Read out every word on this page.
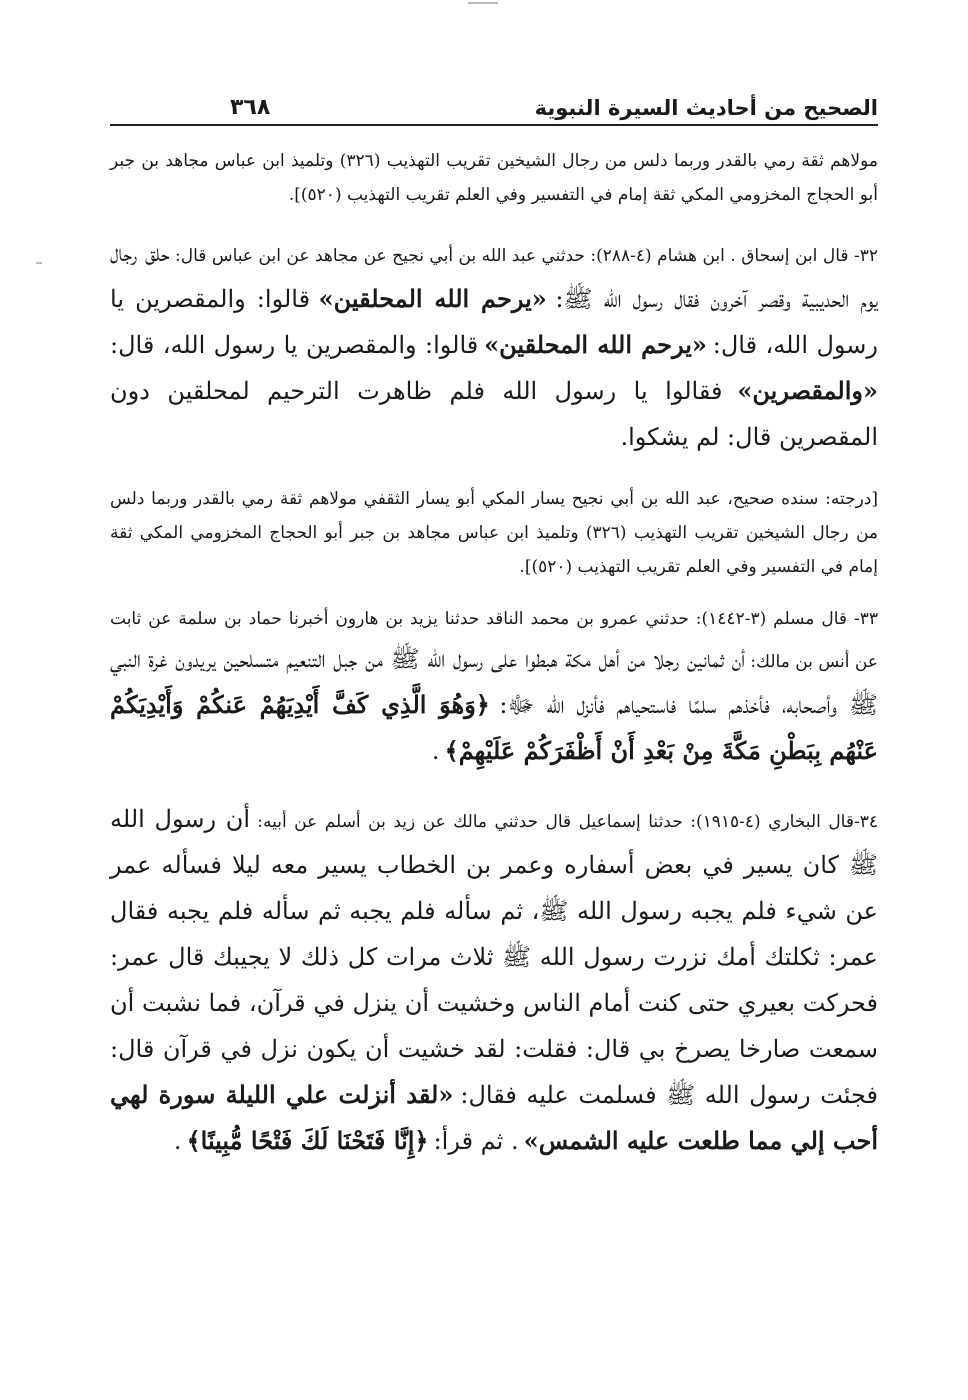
الصحيح من أحاديث السيرة النبوية
٣٦٨

مولاهم ثقة رمي بالقدر وربما دلس من رجال الشيخين تقريب التهذيب (٣٢٦) وتلميذ ابن عباس مجاهد بن جبر أبو الحجاج المخزومي المكي ثقة إمام في التفسير وفي العلم تقريب التهذيب (٥٢٠)].

٣٢- قال ابن إسحاق . ابن هشام (٤-٢٨٨): حدثني عبد الله بن أبي نجيح عن مجاهد عن ابن عباس قال: حلق رجال يوم الحديبية وقصر آخرون فقال رسول الله ﷺ: «يرحم الله المحلقين» قالوا: والمقصرين يا رسول الله، قال: «يرحم الله المحلقين» قالوا: والمقصرين يا رسول الله، قال: «والمقصرين» فقالوا يا رسول الله فلم ظاهرت الترحيم لمحلقين دون المقصرين قال: لم يشكوا.

[درجته: سنده صحيح، عبد الله بن أبي نجيح يسار المكي أبو يسار الثقفي مولاهم ثقة رمي بالقدر وربما دلس من رجال الشيخين تقريب التهذيب (٣٢٦) وتلميذ ابن عباس مجاهد بن جبر أبو الحجاج المخزومي المكي ثقة إمام في التفسير وفي العلم تقريب التهذيب (٥٢٠)].

٣٣- قال مسلم (٣-١٤٤٢): حدثني عمرو بن محمد الناقد حدثنا يزيد بن هارون أخبرنا حماد بن سلمة عن ثابت عن أنس بن مالك: أن ثمانين رجلا من أهل مكة هبطوا على رسول الله ﷺ من جبل التنعيم متسلحين يريدون غرة النبي ﷺ وأصحابه، فأخذهم سلمًا فاستحياهم فأنزل الله ﷻ: ﴿وَهُوَ الَّذِي كَفَّ أَيْدِيَهُمْ عَنكُمْ وَأَيْدِيَكُمْ عَنْهُم بِبَطْنِ مَكَّةَ مِنْ بَعْدِ أَنْ أَظْفَرَكُمْ عَلَيْهِمْ﴾ .
٣٤-قال البخاري (٤-١٩١٥): حدثنا إسماعيل قال حدثني مالك عن زيد بن أسلم عن أبيه: أن رسول الله ﷺ كان يسير في بعض أسفاره وعمر بن الخطاب يسير معه ليلا فسأله عمر عن شيء فلم يجبه رسول الله ﷺ، ثم سأله فلم يجبه ثم سأله فلم يجبه فقال عمر: ثكلتك أمك نزرت رسول الله ﷺ ثلاث مرات كل ذلك لا يجيبك قال عمر: فحركت بعيري حتى كنت أمام الناس وخشيت أن ينزل في قرآن، فما نشبت أن سمعت صارخا يصرخ بي قال: فقلت: لقد خشيت أن يكون نزل في قرآن قال: فجئت رسول الله ﷺ فسلمت عليه فقال: «لقد أنزلت علي الليلة سورة لهي أحب إلي مما طلعت عليه الشمس» . ثم قرأ: ﴿إِنَّا فَتَحْنَا لَكَ فَتْحًا مُّبِينًا﴾ .
